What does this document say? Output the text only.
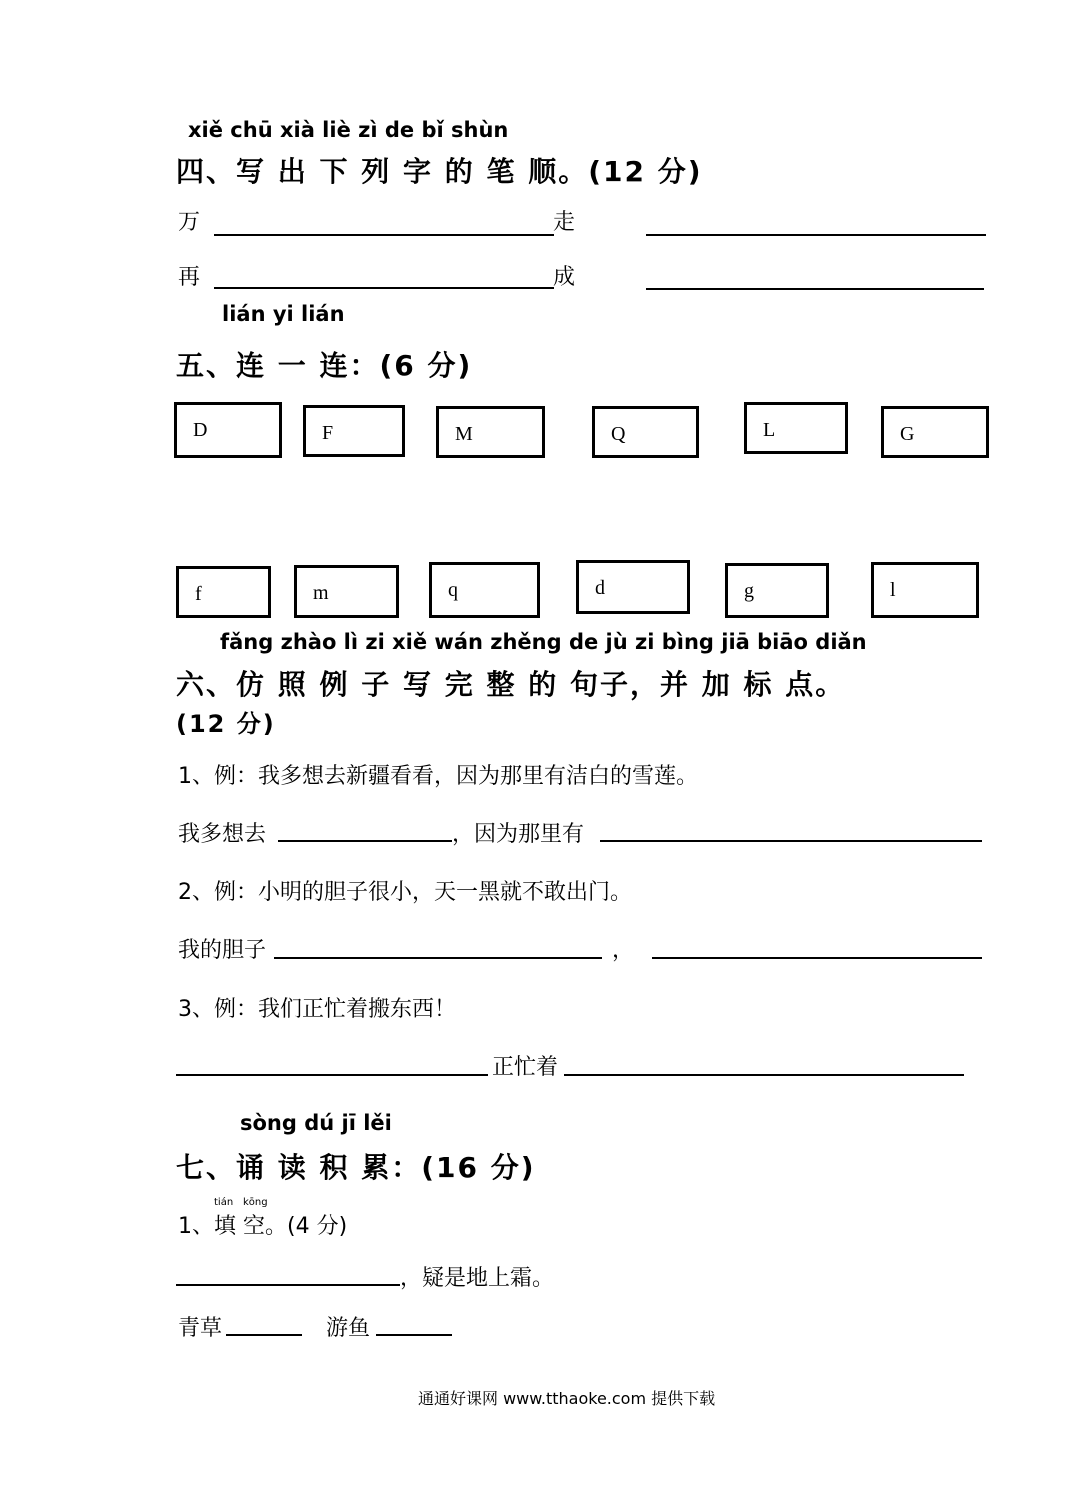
xiě chū xià liè zì de bǐ shùn
四、写 出 下 列 字 的 笔 顺。(12 分)
万	走
再	成
lián yi lián
五、连 一 连：(6 分)
D	F	M	Q	L	G
f	m	q	d	g	l
fǎng zhào lì zi xiě wán zhěng de jù zi bìng jiā biāo diǎn
六、仿 照 例 子 写 完 整 的 句子，并 加 标 点。
(12 分)
1、例：我多想去新疆看看，因为那里有洁白的雪莲。
我多想去	，因为那里有
2、例：小明的胆子很小，天一黑就不敢出门。
我的胆子	，
3、例：我们正忙着搬东西！
正忙着
sòng dú jī lěi
七、诵 读 积 累：(16 分)
1、
tián
填
kōng
空。(4 分)
，疑是地上霜。
青草	游鱼
通通好课网 www.tthaoke.com 提供下载
